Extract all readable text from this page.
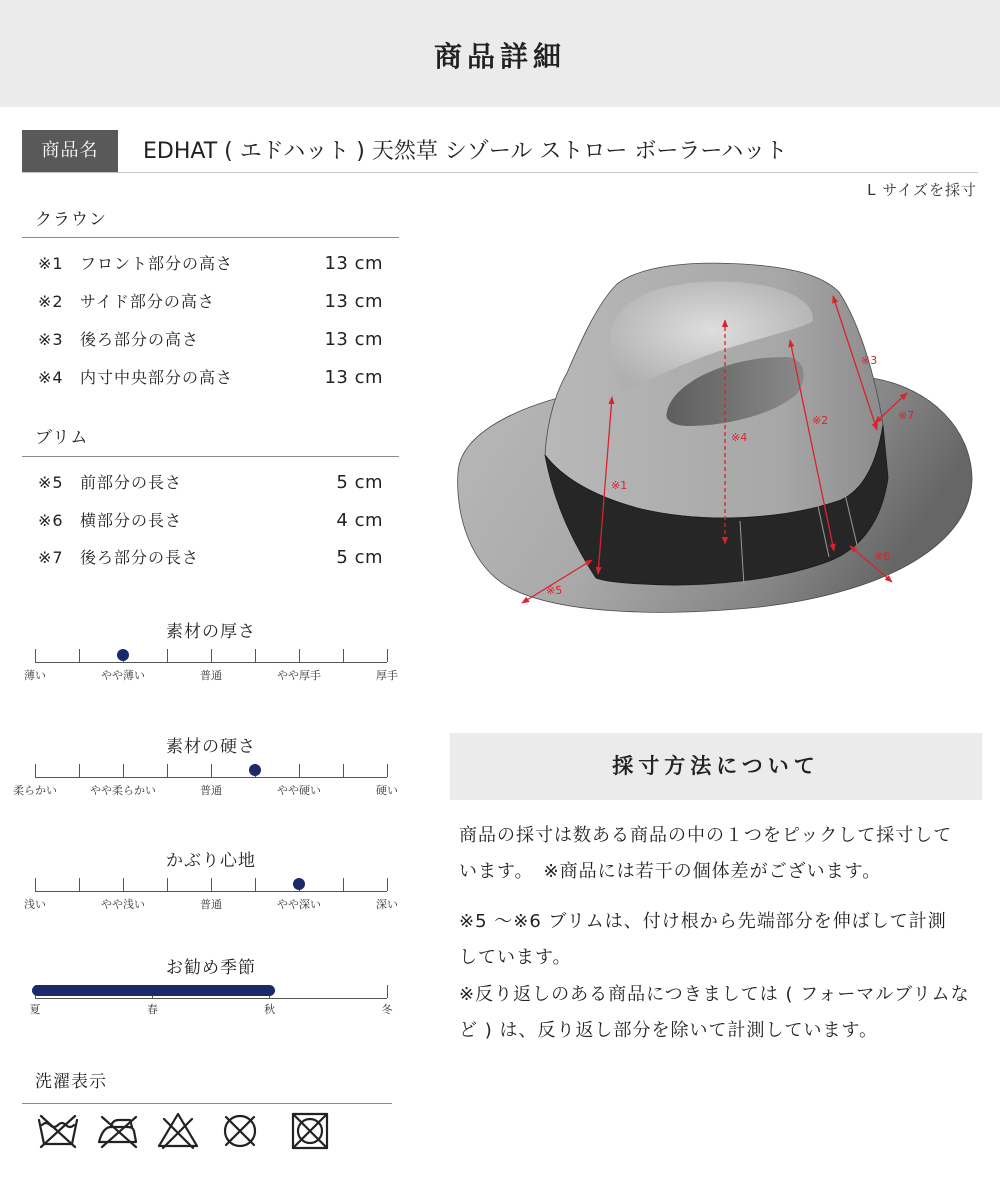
商品詳細
商品名	EDHAT ( エドハット ) 天然草 シゾール ストロー ボーラーハット
L サイズを採寸
クラウン
※1 フロント部分の高さ	13 cm
※2 サイド部分の高さ	13 cm
※3 後ろ部分の高さ	13 cm
※4 内寸中央部分の高さ	13 cm
ブリム
※5 前部分の長さ	5 cm
※6 横部分の長さ	4 cm
※7 後ろ部分の長さ	5 cm
素材の厚さ
薄い	やや薄い	普通	やや厚手	厚手
素材の硬さ
柔らかい	やや柔らかい	普通	やや硬い	硬い
かぶり心地
浅い	やや浅い	普通	やや深い	深い
お勧め季節
夏	春	秋	冬
洗濯表示
※1
※2
※3
※4
※5
※6
※7
採寸方法について
商品の採寸は数ある商品の中の１つをピックして採寸して
います。　※商品には若干の個体差がございます。
※5 ～※6 ブリムは、付け根から先端部分を伸ばして計測
しています。
※反り返しのある商品につきましては ( フォーマルブリムな
ど ) は、反り返し部分を除いて計測しています。
